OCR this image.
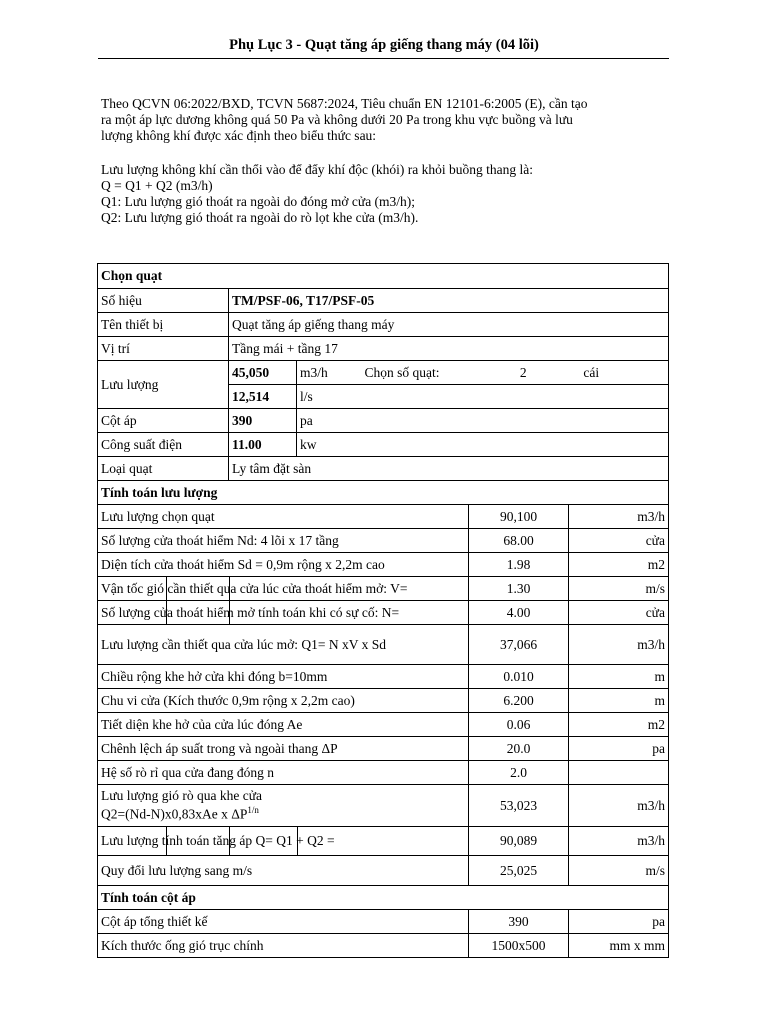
Phụ Lục 3 - Quạt tăng áp giếng thang máy (04 lõi)

Theo QCVN 06:2022/BXD, TCVN 5687:2024, Tiêu chuẩn EN 12101-6:2005 (E), cần tạo

ra một áp lực dương không quá 50 Pa và không dưới 20 Pa trong khu vực buồng và lưu

lượng không khí được xác định theo biểu thức sau:

Lưu lượng không khí cần thổi vào để đẩy khí độc (khói) ra khỏi buồng thang là:

Q = Q1 + Q2 (m3/h)

Q1: Lưu lượng gió thoát ra ngoài do đóng mở cửa (m3/h);

Q2: Lưu lượng gió thoát ra ngoài do rò lọt khe cửa (m3/h).

Chọn quạt				
Số hiệu	TM/PSF-06, T17/PSF-05			
Tên thiết bị	Quạt tăng áp giếng thang máy			
Vị trí	Tầng mái + tầng 17			
Lưu lượng	45,050	m3/h Chọn số quạt:	2 cái	
	12,514	l/s		
Cột áp	390	pa		
Công suất điện	11.00	kw		
Loại quạt	Ly tâm đặt sàn			
Tính toán lưu lượng				
Lưu lượng chọn quạt			90,100	m3/h
Số lượng cửa thoát hiểm Nd: 4 lõi x 17 tầng			68.00	cửa
Diện tích cửa thoát hiểm Sd = 0,9m rộng x 2,2m cao			1.98	m2
Vận tốc gió cần thiết qua cửa lúc cửa thoát hiểm mở: V=			1.30	m/s
Số lượng cửa thoát hiểm mở tính toán khi có sự cố: N=			4.00	cửa
Lưu lượng cần thiết qua cửa lúc mở: Q1= N xV x Sd			37,066	m3/h
Chiều rộng khe hở cửa khi đóng b=10mm			0.010	m
Chu vi cửa (Kích thước 0,9m rộng x 2,2m cao)			6.200	m
Tiết diện khe hở của cửa lúc đóng Ae			0.06	m2
Chênh lệch áp suất trong và ngoài thang ΔP			20.0	pa
Hệ số rò rỉ qua cửa đang đóng n			2.0	

Lưu lượng gió rò qua khe cửa
Q2=(Nd-N)x0,83xAe x $\Delta P^{1/n}$			53,023	m3/h
Lưu lượng tính toán tăng áp Q= Q1 + Q2 =			90,089	m3/h
Quy đổi lưu lượng sang m/s			25,025	m/s
Tính toán cột áp				
Cột áp tổng thiết kế			390	pa
Kích thước ống gió trục chính			1500x500	mm x mm
